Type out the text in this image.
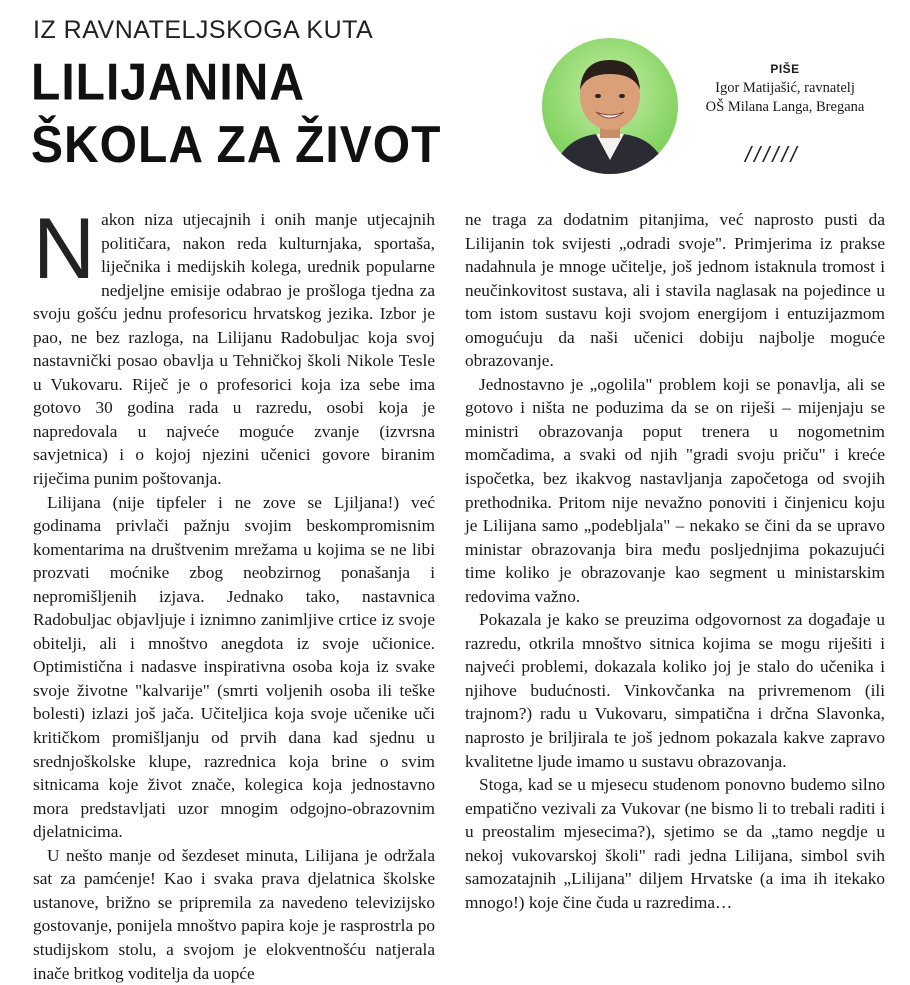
IZ RAVNATELJSKOGA KUTA
LILIJANINA
ŠKOLA ZA ŽIVOT
PIŠE
Igor Matijašić, ravnatelj
OŠ Milana Langa, Bregana
//////

Nakon niza utjecajnih i onih manje utjecajnih političara, nakon reda kulturnjaka, sportaša, liječnika i medijskih kolega, urednik popularne nedjeljne emisije odabrao je prošloga tjedna za svoju gošću jednu profesoricu hrvatskog jezika. Izbor je pao, ne bez razloga, na Lilijanu Radobuljac koja svoj nastavnički posao obavlja u Tehničkoj školi Nikole Tesle u Vukovaru. Riječ je o profesorici koja iza sebe ima gotovo 30 godina rada u razredu, osobi koja je napredovala u najveće moguće zvanje (izvrsna savjetnica) i o kojoj njezini učenici govore biranim riječima punim poštovanja.

Lilijana (nije tipfeler i ne zove se Ljiljana!) već godinama privlači pažnju svojim beskompromisnim komentarima na društvenim mrežama u kojima se ne libi prozvati moćnike zbog neobzirnog ponašanja i nepromišljenih izjava. Jednako tako, nastavnica Radobuljac objavljuje i iznimno zanimljive crtice iz svoje obitelji, ali i mnoštvo anegdota iz svoje učionice. Optimistična i nadasve inspirativna osoba koja iz svake svoje životne "kalvarije" (smrti voljenih osoba ili teške bolesti) izlazi još jača. Učiteljica koja svoje učenike uči kritičkom promišljanju od prvih dana kad sjednu u srednjoškolske klupe, razrednica koja brine o svim sitnicama koje život znače, kolegica koja jednostavno mora predstavljati uzor mnogim odgojno-obrazovnim djelatnicima.

U nešto manje od šezdeset minuta, Lilijana je održala sat za pamćenje! Kao i svaka prava djelatnica školske ustanove, brižno se pripremila za navedeno televizijsko gostovanje, ponijela mnoštvo papira koje je rasprostrla po studijskom stolu, a svojom je elokventnošću natjerala inače britkog voditelja da uopće

ne traga za dodatnim pitanjima, već naprosto pusti da Lilijanin tok svijesti „odradi svoje". Primjerima iz prakse nadahnula je mnoge učitelje, još jednom istaknula tromost i neučinkovitost sustava, ali i stavila naglasak na pojedince u tom istom sustavu koji svojom energijom i entuzijazmom omogućuju da naši učenici dobiju najbolje moguće obrazovanje.

Jednostavno je „ogolila" problem koji se ponavlja, ali se gotovo i ništa ne poduzima da se on riješi – mijenjaju se ministri obrazovanja poput trenera u nogometnim momčadima, a svaki od njih "gradi svoju priču" i kreće ispočetka, bez ikakvog nastavljanja započetoga od svojih prethodnika. Pritom nije nevažno ponoviti i činjenicu koju je Lilijana samo „podebljala" – nekako se čini da se upravo ministar obrazovanja bira među posljednjima pokazujući time koliko je obrazovanje kao segment u ministarskim redovima važno.

Pokazala je kako se preuzima odgovornost za događaje u razredu, otkrila mnoštvo sitnica kojima se mogu riješiti i najveći problemi, dokazala koliko joj je stalo do učenika i njihove budućnosti. Vinkovčanka na privremenom (ili trajnom?) radu u Vukovaru, simpatična i drčna Slavonka, naprosto je briljirala te još jednom pokazala kakve zapravo kvalitetne ljude imamo u sustavu obrazovanja.

Stoga, kad se u mjesecu studenom ponovno budemo silno empatično vezivali za Vukovar (ne bismo li to trebali raditi i u preostalim mjesecima?), sjetimo se da „tamo negdje u nekoj vukovarskoj školi" radi jedna Lilijana, simbol svih samozatajnih „Lilijana" diljem Hrvatske (a ima ih itekako mnogo!) koje čine čuda u razredima…
